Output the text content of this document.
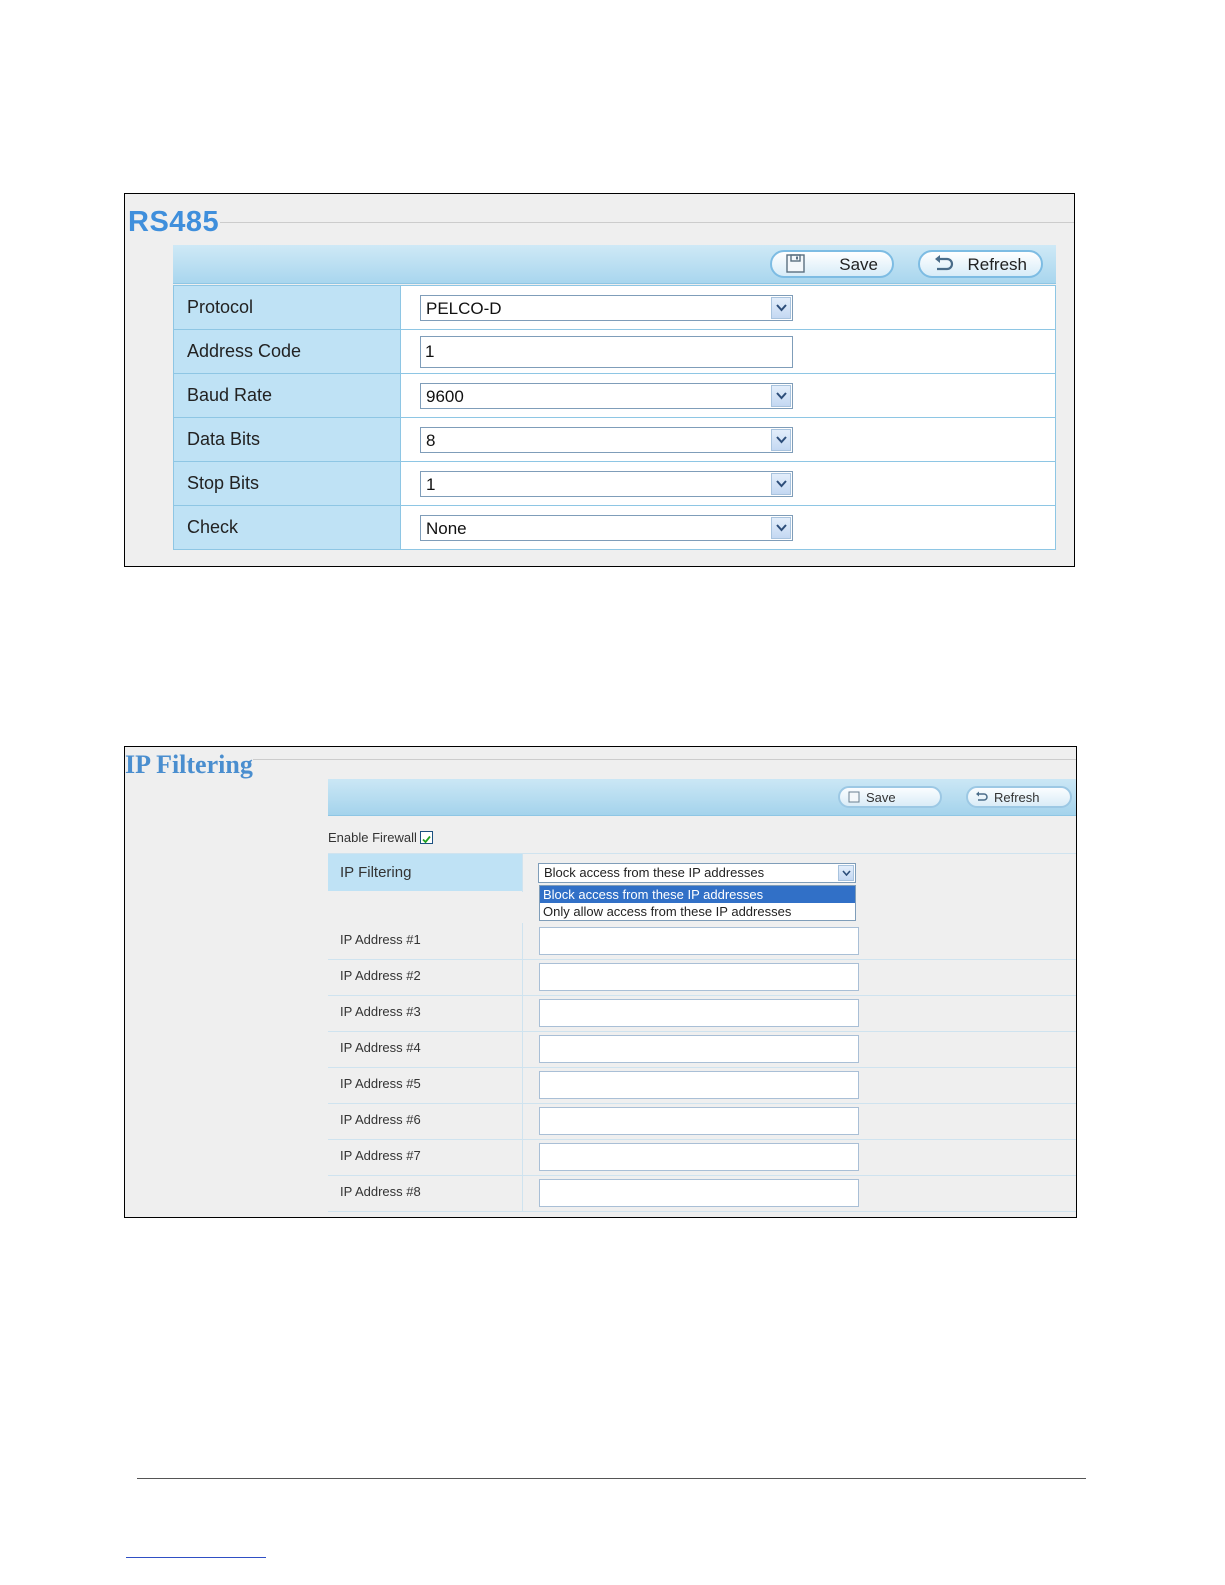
RS485
Save	Refresh
Protocol	PELCO-D

Address Code	1
Baud Rate	9600

Data Bits	8

Stop Bits	1

Check	None
IP Filtering
Save	Refresh
Enable Firewall
IP Filtering	Block access from these IP addresses
Block access from these IP addresses
Only allow access from these IP addresses
IP Address #1
IP Address #2
IP Address #3
IP Address #4
IP Address #5
IP Address #6
IP Address #7
IP Address #8
